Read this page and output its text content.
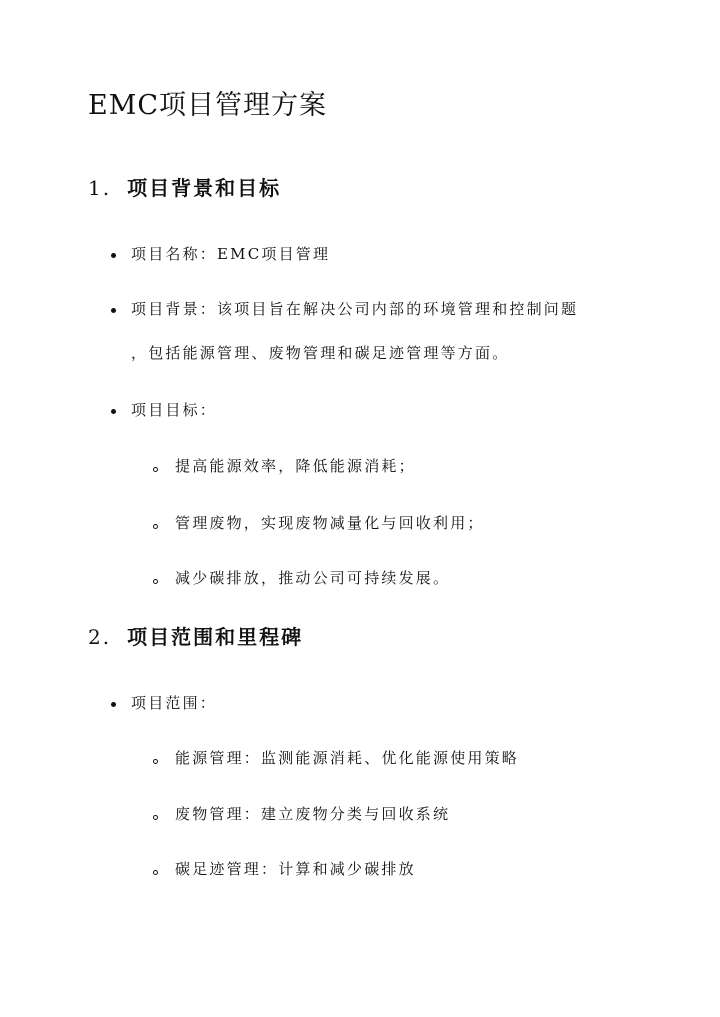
EMC项目管理方案
1. 项目背景和目标
项目名称：EMC项目管理
项目背景：该项目旨在解决公司内部的环境管理和控制问题
，包括能源管理、废物管理和碳足迹管理等方面。
项目目标：
提高能源效率，降低能源消耗；
管理废物，实现废物减量化与回收利用；
减少碳排放，推动公司可持续发展。
2. 项目范围和里程碑
项目范围：
能源管理：监测能源消耗、优化能源使用策略
废物管理：建立废物分类与回收系统
碳足迹管理：计算和减少碳排放
